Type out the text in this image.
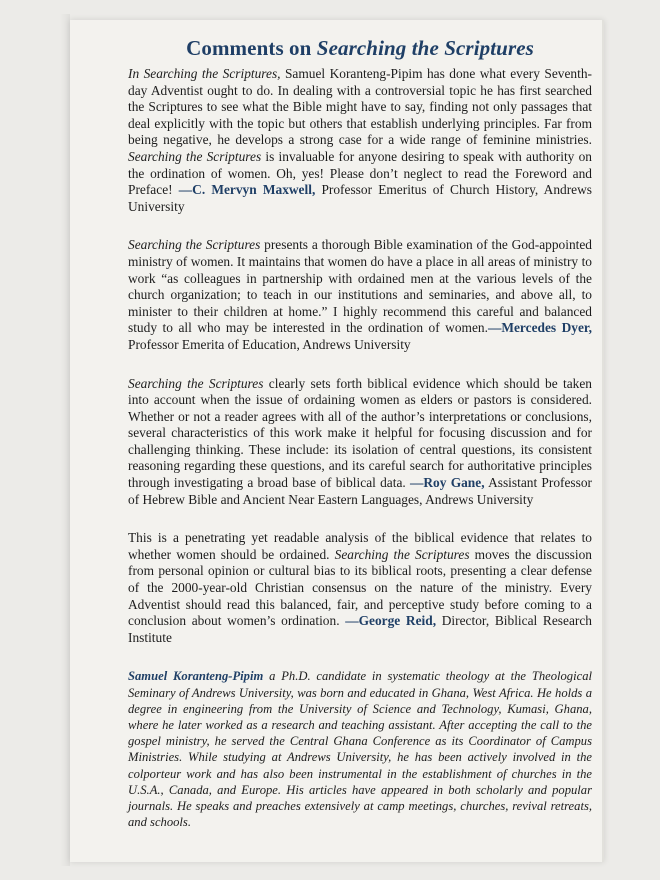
Comments on Searching the Scriptures

In Searching the Scriptures, Samuel Koranteng-Pipim has done what every Seventh-day Adventist ought to do. In dealing with a controversial topic he has first searched the Scriptures to see what the Bible might have to say, finding not only passages that deal explicitly with the topic but others that establish underlying principles. Far from being negative, he develops a strong case for a wide range of feminine ministries. Searching the Scriptures is invaluable for anyone desiring to speak with authority on the ordination of women. Oh, yes! Please don’t neglect to read the Foreword and Preface! —C. Mervyn Maxwell, Professor Emeritus of Church History, Andrews University

Searching the Scriptures presents a thorough Bible examination of the God-appointed ministry of women. It maintains that women do have a place in all areas of ministry to work “as colleagues in partnership with ordained men at the various levels of the church organization; to teach in our institutions and seminaries, and above all, to minister to their children at home.” I highly recommend this careful and balanced study to all who may be interested in the ordination of women.—Mercedes Dyer, Professor Emerita of Education, Andrews University

Searching the Scriptures clearly sets forth biblical evidence which should be taken into account when the issue of ordaining women as elders or pastors is considered. Whether or not a reader agrees with all of the author’s interpretations or conclusions, several characteristics of this work make it helpful for focusing discussion and for challenging thinking. These include: its isolation of central questions, its consistent reasoning regarding these questions, and its careful search for authoritative principles through investigating a broad base of biblical data. —Roy Gane, Assistant Professor of Hebrew Bible and Ancient Near Eastern Languages, Andrews University

This is a penetrating yet readable analysis of the biblical evidence that relates to whether women should be ordained. Searching the Scriptures moves the discussion from personal opinion or cultural bias to its biblical roots, presenting a clear defense of the 2000-year-old Christian consensus on the nature of the ministry. Every Adventist should read this balanced, fair, and perceptive study before coming to a conclusion about women’s ordination. —George Reid, Director, Biblical Research Institute

Samuel Koranteng-Pipim a Ph.D. candidate in systematic theology at the Theological Seminary of Andrews University, was born and educated in Ghana, West Africa. He holds a degree in engineering from the University of Science and Technology, Kumasi, Ghana, where he later worked as a research and teaching assistant. After accepting the call to the gospel ministry, he served the Central Ghana Conference as its Coordinator of Campus Ministries. While studying at Andrews University, he has been actively involved in the colporteur work and has also been instrumental in the establishment of churches in the U.S.A., Canada, and Europe. His articles have appeared in both scholarly and popular journals. He speaks and preaches extensively at camp meetings, churches, revival retreats, and schools.
